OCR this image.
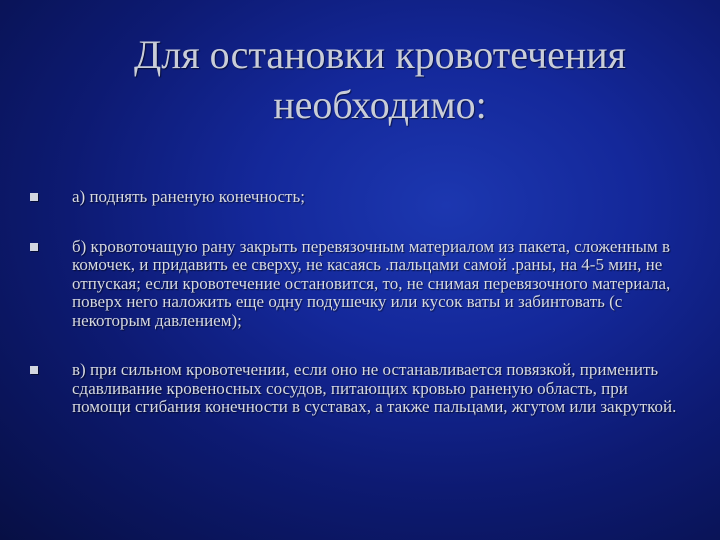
Для остановки кровотечения необходимо:
а) поднять раненую конечность;
б) кровоточащую рану закрыть перевязочным материалом из пакета, сложенным в комочек, и придавить ее сверху, не касаясь .пальцами самой .раны, на 4-5 мин, не отпуская; если кровотечение остановится, то, не снимая перевязочного материала, поверх него наложить еще одну подушечку или кусок ваты и забинтовать (с некоторым давлением);
в) при сильном кровотечении, если оно не останавливается повязкой, применить сдавливание кровеносных сосудов, питающих кровью раненую область, при помощи сгибания конечности в суставах, а также пальцами, жгутом или закруткой.
